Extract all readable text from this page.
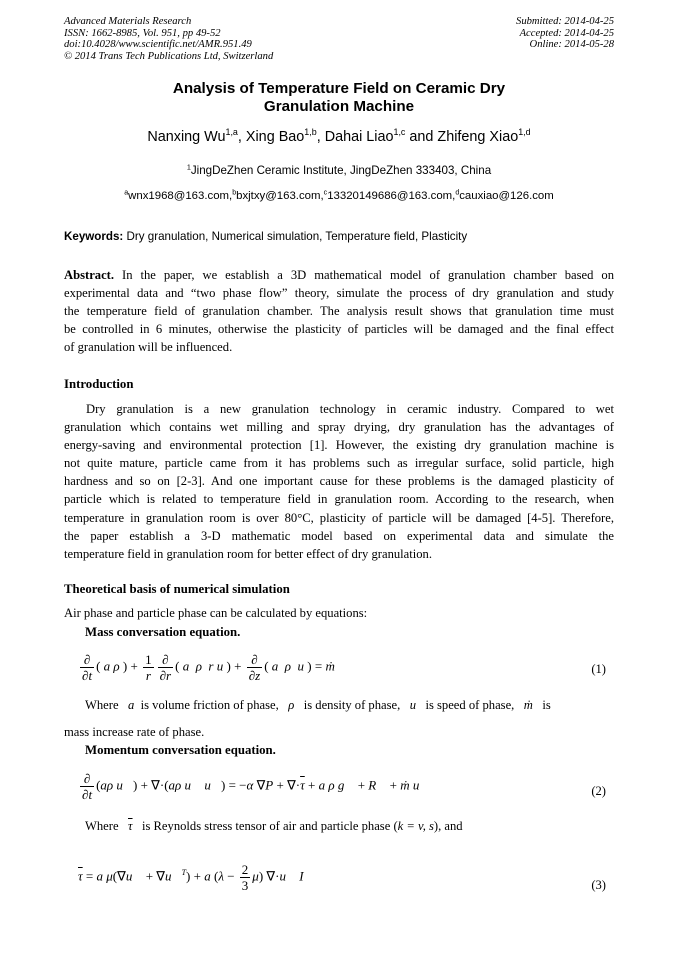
Advanced Materials Research
ISSN: 1662-8985, Vol. 951, pp 49-52
doi:10.4028/www.scientific.net/AMR.951.49
© 2014 Trans Tech Publications Ltd, Switzerland
Submitted: 2014-04-25
Accepted: 2014-04-25
Online: 2014-05-28
Analysis of Temperature Field on Ceramic Dry
Granulation Machine
Nanxing Wu$^{1,a}$, Xing Bao$^{1,b}$, Dahai Liao$^{1,c}$ and Zhifeng Xiao$^{1,d}$
$^1$JingDeZhen Ceramic Institute, JingDeZhen 333403, China
$^a$wnx1968@163.com,$^b$bxjtxy@163.com,$^c$13320149686@163.com,$^d$cauxiao@126.com
Keywords: Dry granulation, Numerical simulation, Temperature field, Plasticity
Abstract. In the paper, we establish a 3D mathematical model of granulation chamber based on
experimental data and “two phase flow” theory, simulate the process of dry granulation and study
the temperature field of granulation chamber. The analysis result shows that granulation time must
be controlled in 6 minutes, otherwise the plasticity of particles will be damaged and the final effect
of granulation will be influenced.
Introduction
Dry granulation is a new granulation technology in ceramic industry. Compared to wet
granulation which contains wet milling and spray drying, dry granulation has the advantages of
energy-saving and environmental protection [1]. However, the existing dry granulation machine is
not quite mature, particle came from it has problems such as irregular surface, solid particle, high
hardness and so on [2-3]. And one important cause for these problems is the damaged plasticity of
particle which is related to temperature field in granulation room. According to the research, when
temperature in granulation room is over 80°C, plasticity of particle will be damaged [4-5]. Therefore,
the paper establish a 3-D mathematic model based on experimental data and simulate the
temperature field in granulation room for better effect of dry granulation.
Theoretical basis of numerical simulation
Air phase and particle phase can be calculated by equations:
Mass conversation equation.
$\frac{\partial}{\partial t}$ ( a ρ ) + $\frac{1}{r} \frac{\partial}{\partial r}$ ( a  ρ  r u ) + $\frac{\partial}{\partial z}$ ( a  ρ  u ) = ṁ	(1)
Where a is volume friction of phase, ρ is density of phase, u is speed of phase, ṁ is
mass increase rate of phase.
Momentum conversation equation.
$\frac{\partial}{\partial t} (a\rho$ u⃗) + ∇·(aρ u⃗ u⃗) = −α $\nabla P + \nabla\cdot\overline{\tau} + a$ ρ g⃗ + R⃗ + ṁ u⃗	(2)
Where $\overline{\tau}$ is Reynolds stress tensor of air and particle phase (k = v, s), and
$\overline{\tau} = a$ μ(∇u⃗ + ∇u⃗$^T$) + a $(\lambda - \frac{2}{3} \mu)$ ∇·u⃗ I
(3)
